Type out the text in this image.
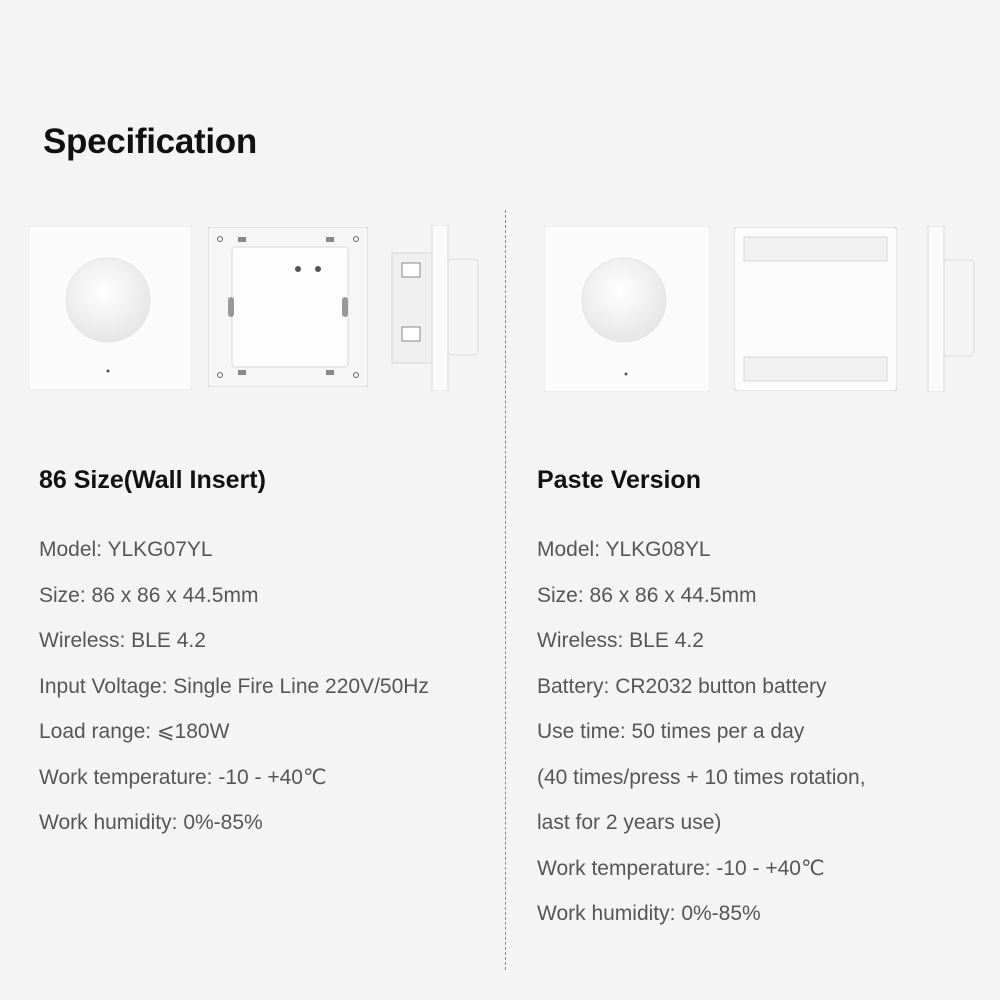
Specification
86 Size(Wall Insert)
Model: YLKG07YL
Size: 86 x 86 x 44.5mm
Wireless: BLE 4.2
Input Voltage: Single Fire Line 220V/50Hz
Load range: ⩽180W
Work temperature: -10 - +40℃
Work humidity: 0%-85%
Paste Version
Model: YLKG08YL
Size: 86 x 86 x 44.5mm
Wireless: BLE 4.2
Battery: CR2032 button battery
Use time: 50 times per a day
(40 times/press + 10 times rotation,
last for 2 years use)
Work temperature: -10 - +40℃
Work humidity: 0%-85%
